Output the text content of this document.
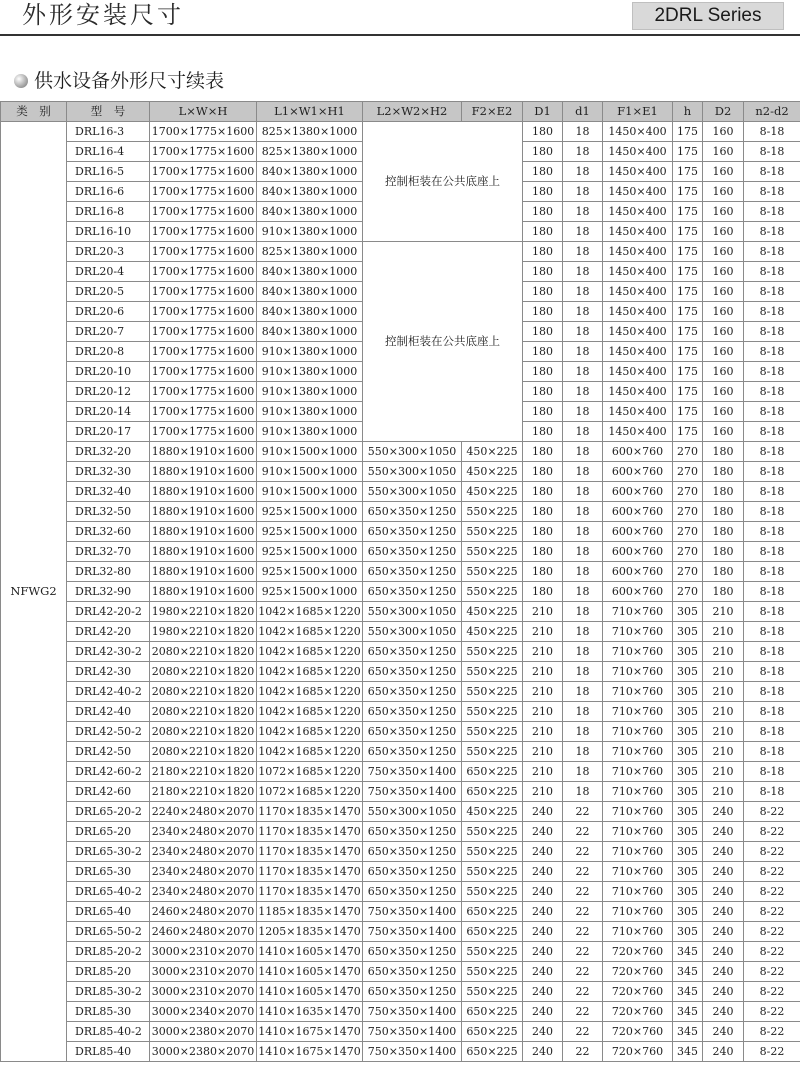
外形安装尺寸	2DRL Series
供水设备外形尺寸续表
类　别	型　号	L×W×H	L1×W1×H1	L2×W2×H2	F2×E2	D1	d1	F1×E1	h	D2	n2-d2
NFWG2	DRL16-3	1700×1775×1600	825×1380×1000	控制柜装在公共底座上		180	18	1450×400	175	160	8-18
	DRL16-4	1700×1775×1600	825×1380×1000			180	18	1450×400	175	160	8-18
	DRL16-5	1700×1775×1600	840×1380×1000			180	18	1450×400	175	160	8-18
	DRL16-6	1700×1775×1600	840×1380×1000			180	18	1450×400	175	160	8-18
	DRL16-8	1700×1775×1600	840×1380×1000			180	18	1450×400	175	160	8-18
	DRL16-10	1700×1775×1600	910×1380×1000			180	18	1450×400	175	160	8-18
	DRL20-3	1700×1775×1600	825×1380×1000	控制柜装在公共底座上		180	18	1450×400	175	160	8-18
	DRL20-4	1700×1775×1600	840×1380×1000			180	18	1450×400	175	160	8-18
	DRL20-5	1700×1775×1600	840×1380×1000			180	18	1450×400	175	160	8-18
	DRL20-6	1700×1775×1600	840×1380×1000			180	18	1450×400	175	160	8-18
	DRL20-7	1700×1775×1600	840×1380×1000			180	18	1450×400	175	160	8-18
	DRL20-8	1700×1775×1600	910×1380×1000			180	18	1450×400	175	160	8-18
	DRL20-10	1700×1775×1600	910×1380×1000			180	18	1450×400	175	160	8-18
	DRL20-12	1700×1775×1600	910×1380×1000			180	18	1450×400	175	160	8-18
	DRL20-14	1700×1775×1600	910×1380×1000			180	18	1450×400	175	160	8-18
	DRL20-17	1700×1775×1600	910×1380×1000			180	18	1450×400	175	160	8-18
	DRL32-20	1880×1910×1600	910×1500×1000	550×300×1050	450×225	180	18	600×760	270	180	8-18
	DRL32-30	1880×1910×1600	910×1500×1000	550×300×1050	450×225	180	18	600×760	270	180	8-18
	DRL32-40	1880×1910×1600	910×1500×1000	550×300×1050	450×225	180	18	600×760	270	180	8-18
	DRL32-50	1880×1910×1600	925×1500×1000	650×350×1250	550×225	180	18	600×760	270	180	8-18
	DRL32-60	1880×1910×1600	925×1500×1000	650×350×1250	550×225	180	18	600×760	270	180	8-18
	DRL32-70	1880×1910×1600	925×1500×1000	650×350×1250	550×225	180	18	600×760	270	180	8-18
	DRL32-80	1880×1910×1600	925×1500×1000	650×350×1250	550×225	180	18	600×760	270	180	8-18
	DRL32-90	1880×1910×1600	925×1500×1000	650×350×1250	550×225	180	18	600×760	270	180	8-18
	DRL42-20-2	1980×2210×1820	1042×1685×1220	550×300×1050	450×225	210	18	710×760	305	210	8-18
	DRL42-20	1980×2210×1820	1042×1685×1220	550×300×1050	450×225	210	18	710×760	305	210	8-18
	DRL42-30-2	2080×2210×1820	1042×1685×1220	650×350×1250	550×225	210	18	710×760	305	210	8-18
	DRL42-30	2080×2210×1820	1042×1685×1220	650×350×1250	550×225	210	18	710×760	305	210	8-18
	DRL42-40-2	2080×2210×1820	1042×1685×1220	650×350×1250	550×225	210	18	710×760	305	210	8-18
	DRL42-40	2080×2210×1820	1042×1685×1220	650×350×1250	550×225	210	18	710×760	305	210	8-18
	DRL42-50-2	2080×2210×1820	1042×1685×1220	650×350×1250	550×225	210	18	710×760	305	210	8-18
	DRL42-50	2080×2210×1820	1042×1685×1220	650×350×1250	550×225	210	18	710×760	305	210	8-18
	DRL42-60-2	2180×2210×1820	1072×1685×1220	750×350×1400	650×225	210	18	710×760	305	210	8-18
	DRL42-60	2180×2210×1820	1072×1685×1220	750×350×1400	650×225	210	18	710×760	305	210	8-18
	DRL65-20-2	2240×2480×2070	1170×1835×1470	550×300×1050	450×225	240	22	710×760	305	240	8-22
	DRL65-20	2340×2480×2070	1170×1835×1470	650×350×1250	550×225	240	22	710×760	305	240	8-22
	DRL65-30-2	2340×2480×2070	1170×1835×1470	650×350×1250	550×225	240	22	710×760	305	240	8-22
	DRL65-30	2340×2480×2070	1170×1835×1470	650×350×1250	550×225	240	22	710×760	305	240	8-22
	DRL65-40-2	2340×2480×2070	1170×1835×1470	650×350×1250	550×225	240	22	710×760	305	240	8-22
	DRL65-40	2460×2480×2070	1185×1835×1470	750×350×1400	650×225	240	22	710×760	305	240	8-22
	DRL65-50-2	2460×2480×2070	1205×1835×1470	750×350×1400	650×225	240	22	710×760	305	240	8-22
	DRL85-20-2	3000×2310×2070	1410×1605×1470	650×350×1250	550×225	240	22	720×760	345	240	8-22
	DRL85-20	3000×2310×2070	1410×1605×1470	650×350×1250	550×225	240	22	720×760	345	240	8-22
	DRL85-30-2	3000×2310×2070	1410×1605×1470	650×350×1250	550×225	240	22	720×760	345	240	8-22
	DRL85-30	3000×2340×2070	1410×1635×1470	750×350×1400	650×225	240	22	720×760	345	240	8-22
	DRL85-40-2	3000×2380×2070	1410×1675×1470	750×350×1400	650×225	240	22	720×760	345	240	8-22
	DRL85-40	3000×2380×2070	1410×1675×1470	750×350×1400	650×225	240	22	720×760	345	240	8-22
